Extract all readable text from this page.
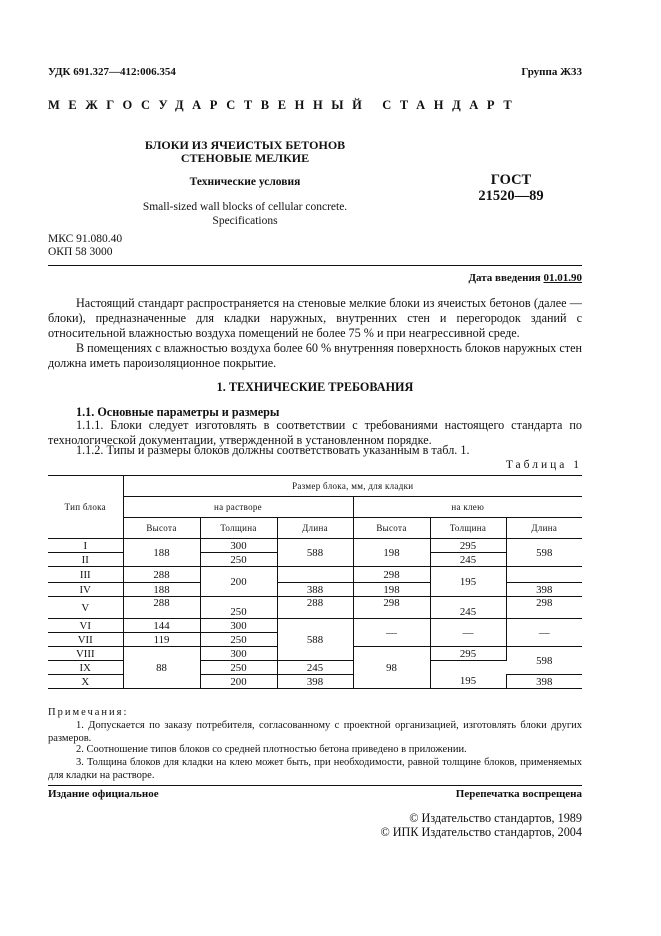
УДК 691.327—412:006.354	Группа Ж33
МЕЖГОСУДАРСТВЕННЫЙ СТАНДАРТ
БЛОКИ ИЗ ЯЧЕИСТЫХ БЕТОНОВ
СТЕНОВЫЕ МЕЛКИЕ
Технические условия
Small-sized wall blocks of cellular concrete.
Specifications
ГОСТ
21520—89
МКС 91.080.40
ОКП 58 3000
Дата введения 01.01.90
Настоящий стандарт распространяется на стеновые мелкие блоки из ячеистых бетонов (далее — блоки), предназначенные для кладки наружных, внутренних стен и перегородок зданий с относительной влажностью воздуха помещений не более 75 % и при неагрессивной среде.
В помещениях с влажностью воздуха более 60 % внутренняя поверхность блоков наружных стен должна иметь пароизоляционное покрытие.
1. ТЕХНИЧЕСКИЕ ТРЕБОВАНИЯ
1.1. Основные параметры и размеры
1.1.1. Блоки следует изготовлять в соответствии с требованиями настоящего стандарта по технологической документации, утвержденной в установленном порядке.
1.1.2. Типы и размеры блоков должны соответствовать указанным в табл. 1.
Таблица 1
Тип блока	Размер блока, мм, для кладки					
	на растворе			на клею		
	Высота	Толщина	Длина	Высота	Толщина	Длина
I	188	300	588	198	295	598
II		250			245	
III	288	200		298	195	
IV	188		388	198		398
V	288	250	288	298	245	298
VI	144	300	588	—	—	—
VII	119	250				
VIII	88	300		98	295	598
IX		250	245			
X		200	398		195	398
Примечания:
1. Допускается по заказу потребителя, согласованному с проектной организацией, изготовлять блоки других размеров.
2. Соотношение типов блоков со средней плотностью бетона приведено в приложении.
3. Толщина блоков для кладки на клею может быть, при необходимости, равной толщине блоков, применяемых для кладки на растворе.
Издание официальное	Перепечатка воспрещена
© Издательство стандартов, 1989
© ИПК Издательство стандартов, 2004
